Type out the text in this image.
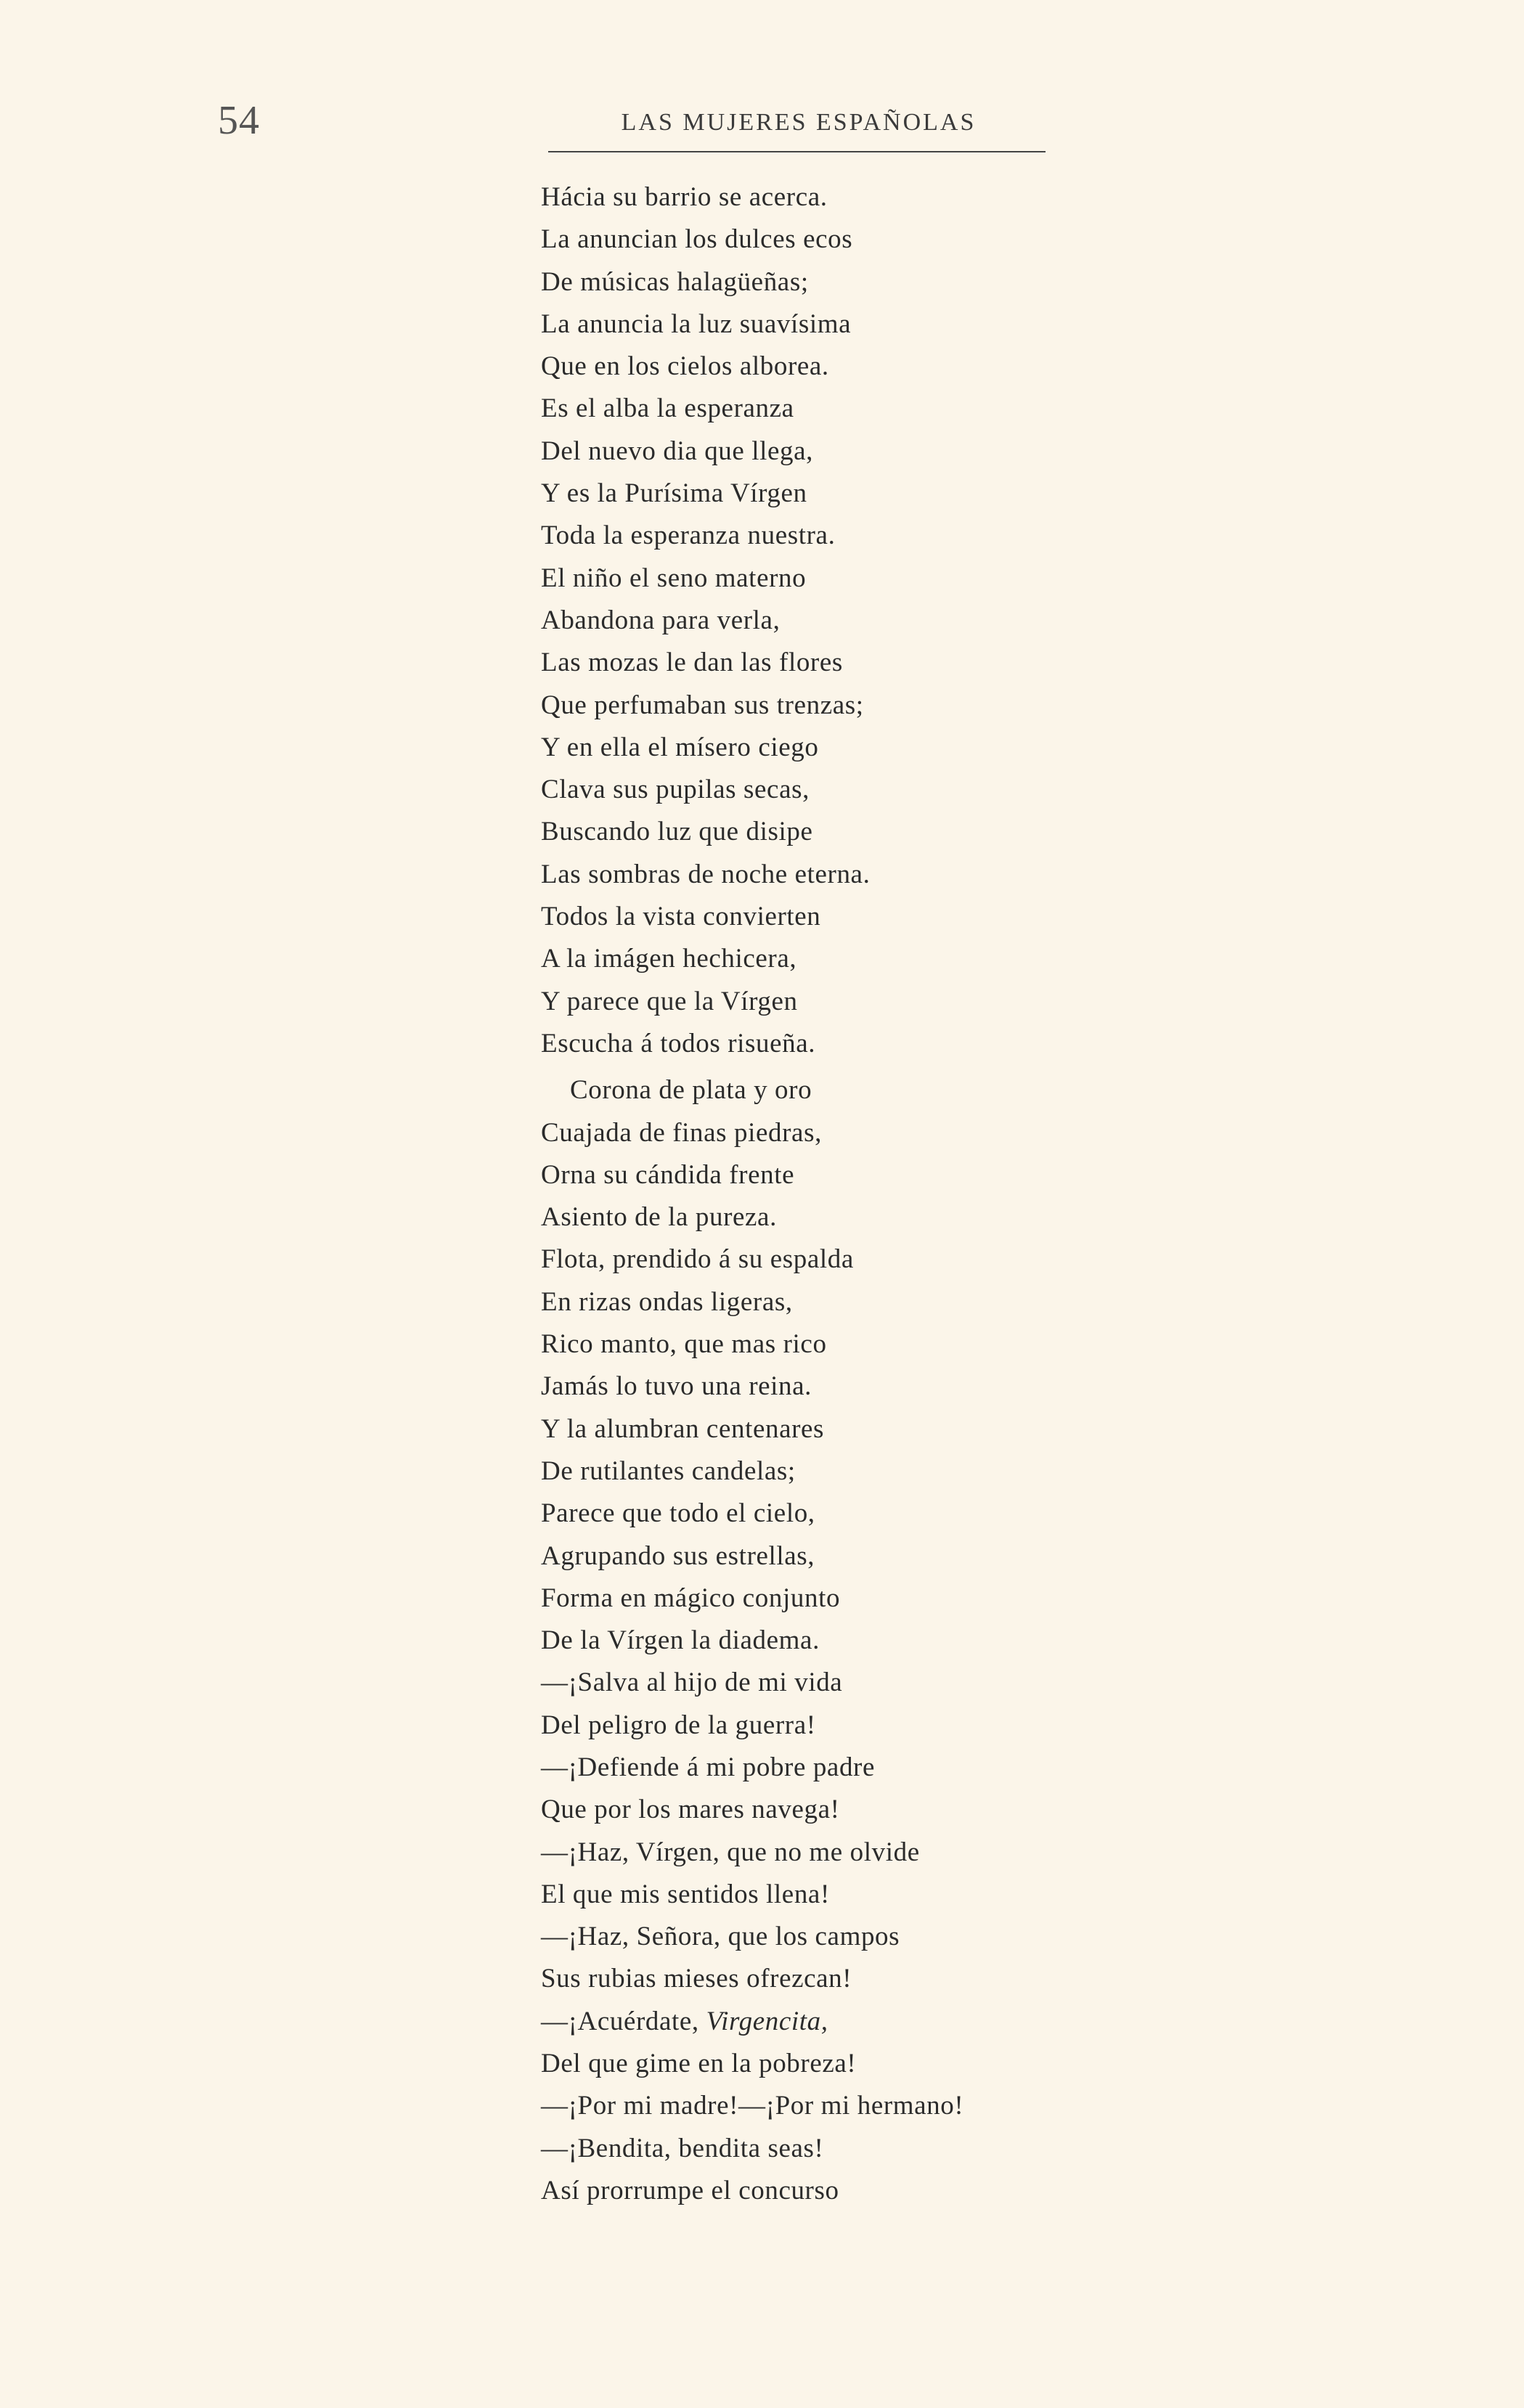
54	LAS MUJERES ESPAÑOLAS
Hácia su barrio se acerca.
La anuncian los dulces ecos
De músicas halagüeñas;
La anuncia la luz suavísima
Que en los cielos alborea.
Es el alba la esperanza
Del nuevo dia que llega,
Y es la Purísima Vírgen
Toda la esperanza nuestra.
El niño el seno materno
Abandona para verla,
Las mozas le dan las flores
Que perfumaban sus trenzas;
Y en ella el mísero ciego
Clava sus pupilas secas,
Buscando luz que disipe
Las sombras de noche eterna.
Todos la vista convierten
A la imágen hechicera,
Y parece que la Vírgen
Escucha á todos risueña.
Corona de plata y oro
Cuajada de finas piedras,
Orna su cándida frente
Asiento de la pureza.
Flota, prendido á su espalda
En rizas ondas ligeras,
Rico manto, que mas rico
Jamás lo tuvo una reina.
Y la alumbran centenares
De rutilantes candelas;
Parece que todo el cielo,
Agrupando sus estrellas,
Forma en mágico conjunto
De la Vírgen la diadema.
—¡Salva al hijo de mi vida
Del peligro de la guerra!
—¡Defiende á mi pobre padre
Que por los mares navega!
—¡Haz, Vírgen, que no me olvide
El que mis sentidos llena!
—¡Haz, Señora, que los campos
Sus rubias mieses ofrezcan!
—¡Acuérdate, Virgencita,
Del que gime en la pobreza!
—¡Por mi madre!—¡Por mi hermano!
—¡Bendita, bendita seas!
Así prorrumpe el concurso
